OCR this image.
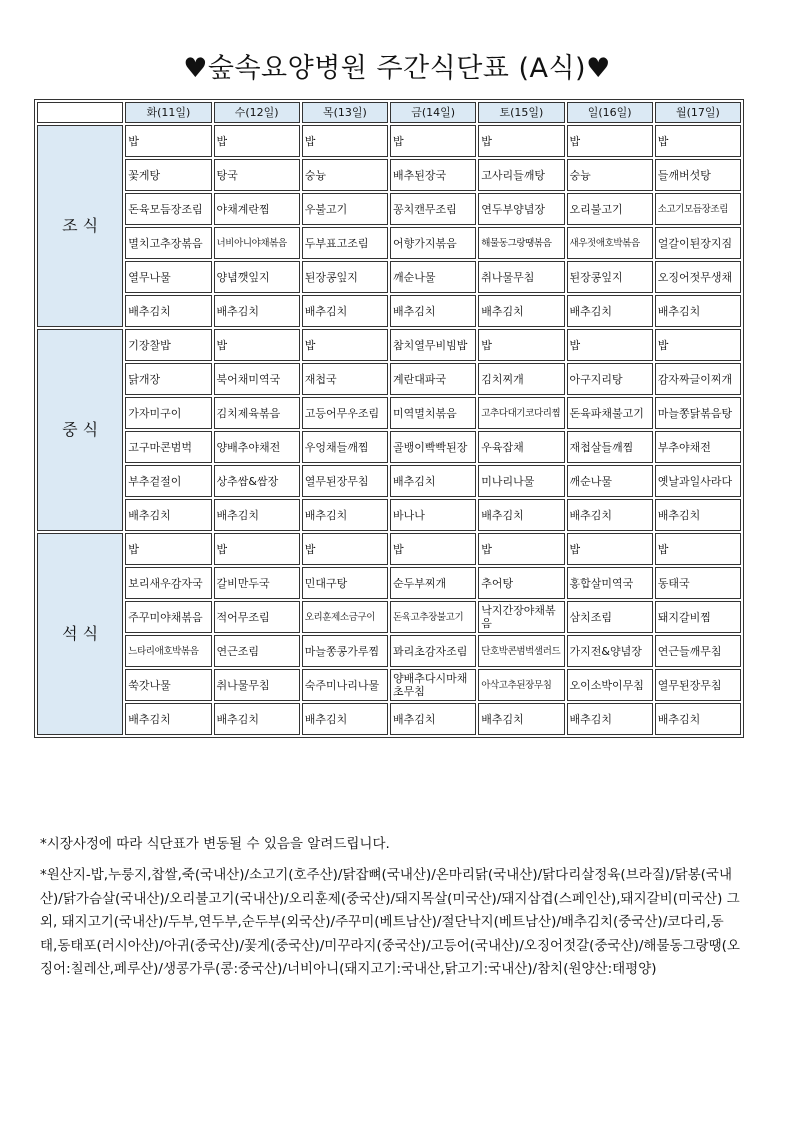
♥숲속요양병원 주간식단표 (A식)♥
	화(11일)	수(12일)	목(13일)	금(14일)	토(15일)	일(16일)	월(17일)
조 식	밥	밥	밥	밥	밥	밥	밥
	꽃게탕	탕국	숭늉	배추된장국	고사리들깨탕	숭늉	들깨버섯탕
	돈육모듬장조림	야채계란찜	우불고기	꽁치캔무조림	연두부양념장	오리불고기	소고기모듬장조림
	멸치고추장볶음	너비아니야채볶음	두부표고조림	어향가지볶음	해물동그랑땡볶음	새우젓애호박볶음	얼갈이된장지짐
	열무나물	양념깻잎지	된장콩잎지	깨순나물	취나물무침	된장콩잎지	오징어젓무생채
	배추김치	배추김치	배추김치	배추김치	배추김치	배추김치	배추김치
중 식	기장찰밥	밥	밥	참치열무비빔밥	밥	밥	밥
	닭개장	북어채미역국	재첩국	계란대파국	김치찌개	아구지리탕	감자짜글이찌개
	가자미구이	김치제육볶음	고등어무우조림	미역멸치볶음	고추다대기코다리찜	돈육파채불고기	마늘쫑닭볶음탕
	고구마콘범벅	양배추야채전	우엉채들깨찜	골뱅이빡빡된장	우육잡채	재첩살들깨찜	부추야채전
	부추겉절이	상추쌈&쌈장	열무된장무침	배추김치	미나리나물	깨순나물	옛날과일사라다
	배추김치	배추김치	배추김치	바나나	배추김치	배추김치	배추김치
석 식	밥	밥	밥	밥	밥	밥	밥
	보리새우감자국	갈비만두국	민대구탕	순두부찌개	추어탕	홍합살미역국	동태국
	주꾸미야채볶음	적어무조림	오리훈제소금구이	돈육고추장불고기	낙지간장야채볶음	삼치조림	돼지갈비찜
	느타리애호박볶음	연근조림	마늘쫑콩가루찜	꽈리초감자조림	단호박콘범벅샐러드	가지전&양념장	연근들깨무침
	쑥갓나물	취나물무침	숙주미나리나물	양배추다시마채초무침	아삭고추된장무침	오이소박이무침	열무된장무침
	배추김치	배추김치	배추김치	배추김치	배추김치	배추김치	배추김치
*시장사정에 따라 식단표가 변동될 수 있음을 알려드립니다.
*원산지-밥,누룽지,찹쌀,죽(국내산)/소고기(호주산)/닭잡뼈(국내산)/온마리닭(국내산)/닭다리살정육(브라질)/닭봉(국내산)/닭가슴살(국내산)/오리불고기(국내산)/오리훈제(중국산)/돼지목살(미국산)/돼지삼겹(스페인산),돼지갈비(미국산) 그외, 돼지고기(국내산)/두부,연두부,순두부(외국산)/주꾸미(베트남산)/절단낙지(베트남산)/배추김치(중국산)/코다리,동태,동태포(러시아산)/아귀(중국산)/꽃게(중국산)/미꾸라지(중국산)/고등어(국내산)/오징어젓갈(중국산)/해물동그랑땡(오징어:칠레산,페루산)/생콩가루(콩:중국산)/너비아니(돼지고기:국내산,닭고기:국내산)/참치(원양산:태평양)
